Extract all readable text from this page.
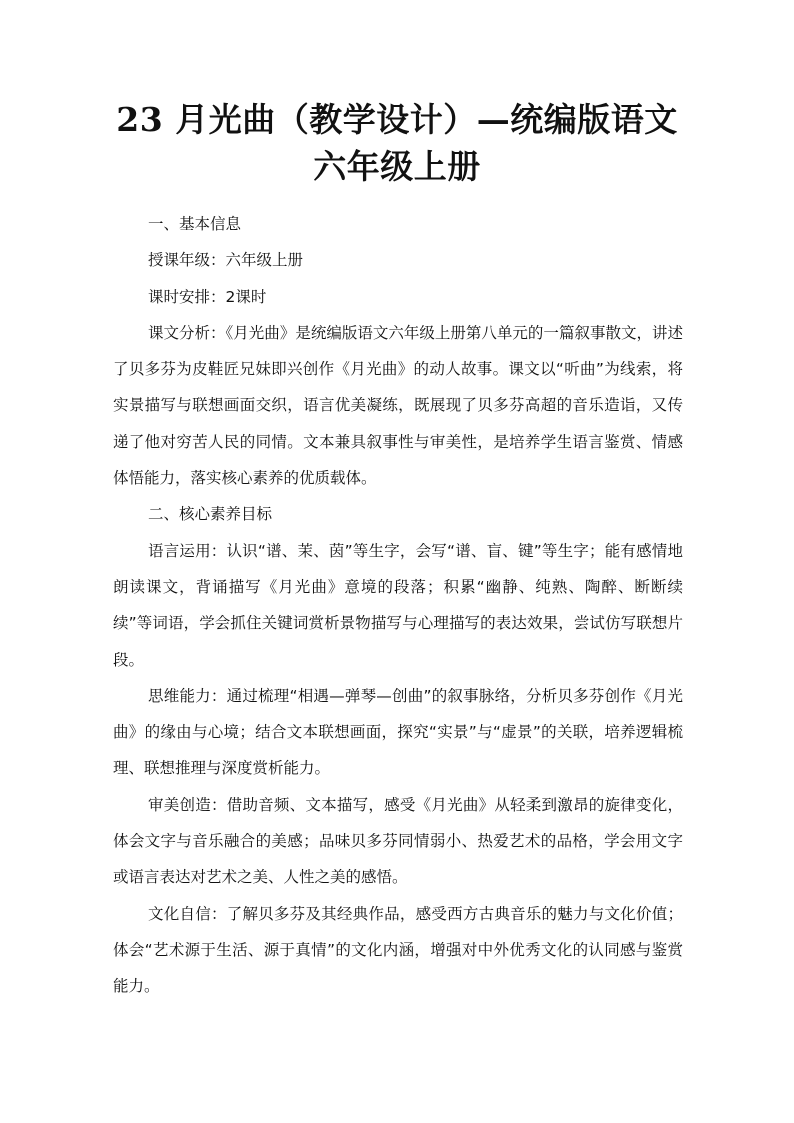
23 月光曲（教学设计）—统编版语文
六年级上册

一、基本信息

授课年级：六年级上册

课时安排：2课时

课文分析：《月光曲》是统编版语文六年级上册第八单元的一篇叙事散文，讲述了贝多芬为皮鞋匠兄妹即兴创作《月光曲》的动人故事。课文以“听曲”为线索，将实景描写与联想画面交织，语言优美凝练，既展现了贝多芬高超的音乐造诣，又传递了他对穷苦人民的同情。文本兼具叙事性与审美性，是培养学生语言鉴赏、情感体悟能力，落实核心素养的优质载体。

二、核心素养目标

语言运用：认识“谱、茉、茵”等生字，会写“谱、盲、键”等生字；能有感情地朗读课文，背诵描写《月光曲》意境的段落；积累“幽静、纯熟、陶醉、断断续续”等词语，学会抓住关键词赏析景物描写与心理描写的表达效果，尝试仿写联想片段。

思维能力：通过梳理“相遇—弹琴—创曲”的叙事脉络，分析贝多芬创作《月光曲》的缘由与心境；结合文本联想画面，探究“实景”与“虚景”的关联，培养逻辑梳理、联想推理与深度赏析能力。

审美创造：借助音频、文本描写，感受《月光曲》从轻柔到激昂的旋律变化，体会文字与音乐融合的美感；品味贝多芬同情弱小、热爱艺术的品格，学会用文字或语言表达对艺术之美、人性之美的感悟。

文化自信：了解贝多芬及其经典作品，感受西方古典音乐的魅力与文化价值；体会“艺术源于生活、源于真情”的文化内涵，增强对中外优秀文化的认同感与鉴赏能力。
